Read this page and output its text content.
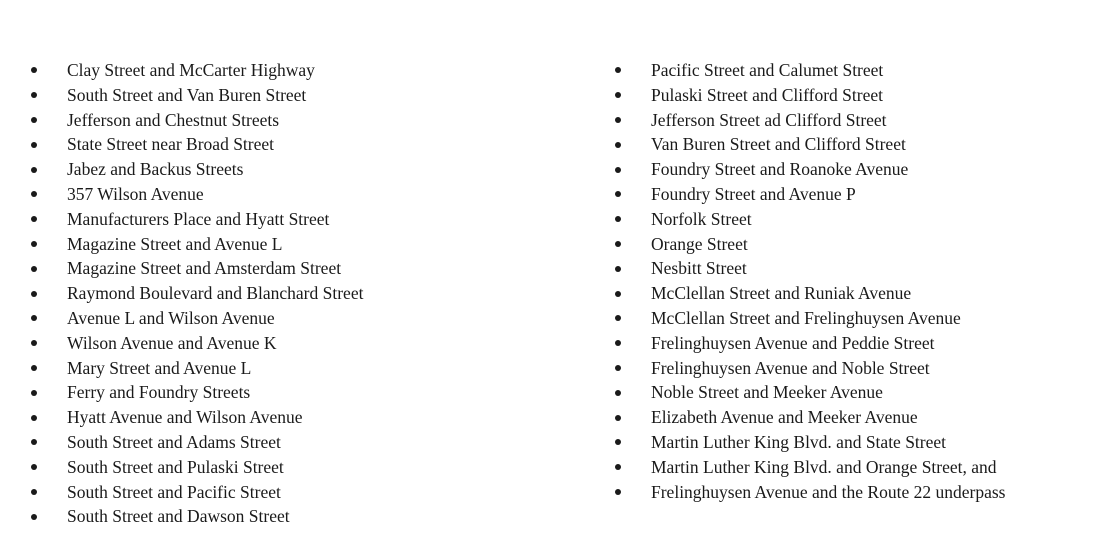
Clay Street and McCarter Highway
South Street and Van Buren Street
Jefferson and Chestnut Streets
State Street near Broad Street
Jabez and Backus Streets
357 Wilson Avenue
Manufacturers Place and Hyatt Street
Magazine Street and Avenue L
Magazine Street and Amsterdam Street
Raymond Boulevard and Blanchard Street
Avenue L and Wilson Avenue
Wilson Avenue and Avenue K
Mary Street and Avenue L
Ferry and Foundry Streets
Hyatt Avenue and Wilson Avenue
South Street and Adams Street
South Street and Pulaski Street
South Street and Pacific Street
South Street and Dawson Street
Pacific Street and Calumet Street
Pulaski Street and Clifford Street
Jefferson Street ad Clifford Street
Van Buren Street and Clifford Street
Foundry Street and Roanoke Avenue
Foundry Street and Avenue P
Norfolk Street
Orange Street
Nesbitt Street
McClellan Street and Runiak Avenue
McClellan Street and Frelinghuysen Avenue
Frelinghuysen Avenue and Peddie Street
Frelinghuysen Avenue and Noble Street
Noble Street and Meeker Avenue
Elizabeth Avenue and Meeker Avenue
Martin Luther King Blvd. and State Street
Martin Luther King Blvd. and Orange Street, and
Frelinghuysen Avenue and the Route 22 underpass
